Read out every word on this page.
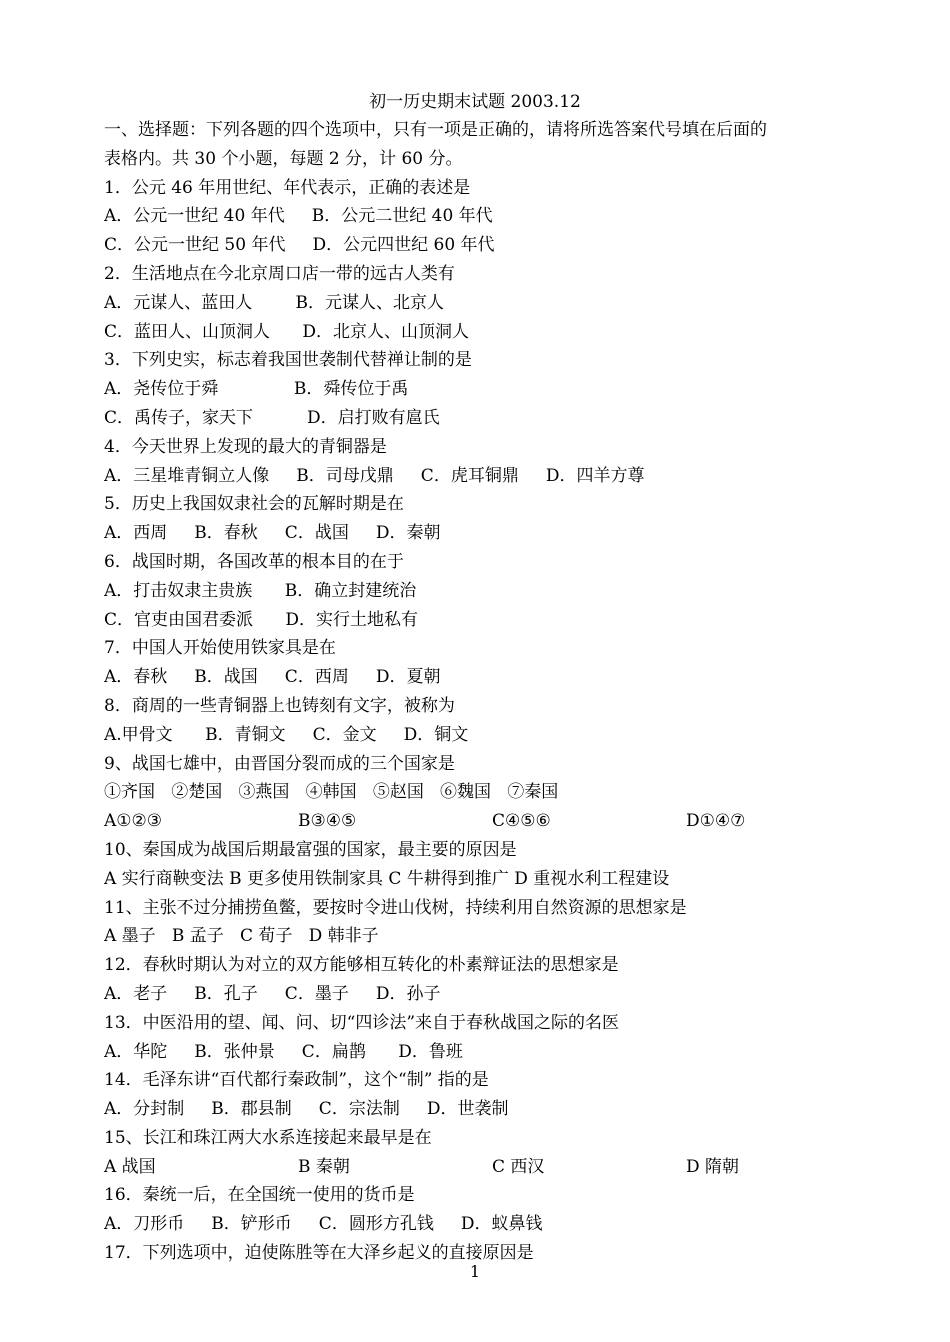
初一历史期末试题 2003.12
一、选择题：下列各题的四个选项中，只有一项是正确的，请将所选答案代号填在后面的
表格内。共 30 个小题，每题 2 分，计 60 分。
1．公元 46 年用世纪、年代表示，正确的表述是
A．公元一世纪 40 年代     B．公元二世纪 40 年代
C．公元一世纪 50 年代     D．公元四世纪 60 年代
2．生活地点在今北京周口店一带的远古人类有
A．元谋人、蓝田人        B．元谋人、北京人
C．蓝田人、山顶洞人      D．北京人、山顶洞人
3．下列史实，标志着我国世袭制代替禅让制的是
A．尧传位于舜              B．舜传位于禹
C．禹传子，家天下          D．启打败有扈氏
4．今天世界上发现的最大的青铜器是
A．三星堆青铜立人像     B．司母戊鼎     C．虎耳铜鼎     D．四羊方尊
5．历史上我国奴隶社会的瓦解时期是在
A．西周     B．春秋     C．战国     D．秦朝
6．战国时期，各国改革的根本目的在于
A．打击奴隶主贵族      B．确立封建统治
C．官吏由国君委派      D．实行土地私有
7．中国人开始使用铁家具是在
A．春秋     B．战国     C．西周     D．夏朝
8．商周的一些青铜器上也铸刻有文字，被称为
A.甲骨文      B．青铜文     C．金文     D．铜文
9、战国七雄中，由晋国分裂而成的三个国家是
①齐国   ②楚国   ③燕国   ④韩国   ⑤赵国   ⑥魏国   ⑦秦国
A①②③	B③④⑤	C④⑤⑥	D①④⑦
10、秦国成为战国后期最富强的国家，最主要的原因是
A 实行商鞅变法 B 更多使用铁制家具 C 牛耕得到推广 D 重视水利工程建设
11、主张不过分捕捞鱼鳖，要按时令进山伐树，持续利用自然资源的思想家是
A 墨子   B 孟子   C 荀子   D 韩非子
12．春秋时期认为对立的双方能够相互转化的朴素辩证法的思想家是
A．老子     B．孔子     C．墨子     D．孙子
13．中医沿用的望、闻、问、切“四诊法”来自于春秋战国之际的名医
A．华陀     B．张仲景     C．扁鹊      D．鲁班
14．毛泽东讲“百代都行秦政制”，这个“制” 指的是
A．分封制     B．郡县制     C．宗法制     D．世袭制
15、长江和珠江两大水系连接起来最早是在
A 战国	B 秦朝	C 西汉	D 隋朝
16．秦统一后，在全国统一使用的货币是
A．刀形币     B．铲形币     C．圆形方孔钱     D．蚁鼻钱
17．下列选项中，迫使陈胜等在大泽乡起义的直接原因是
1
